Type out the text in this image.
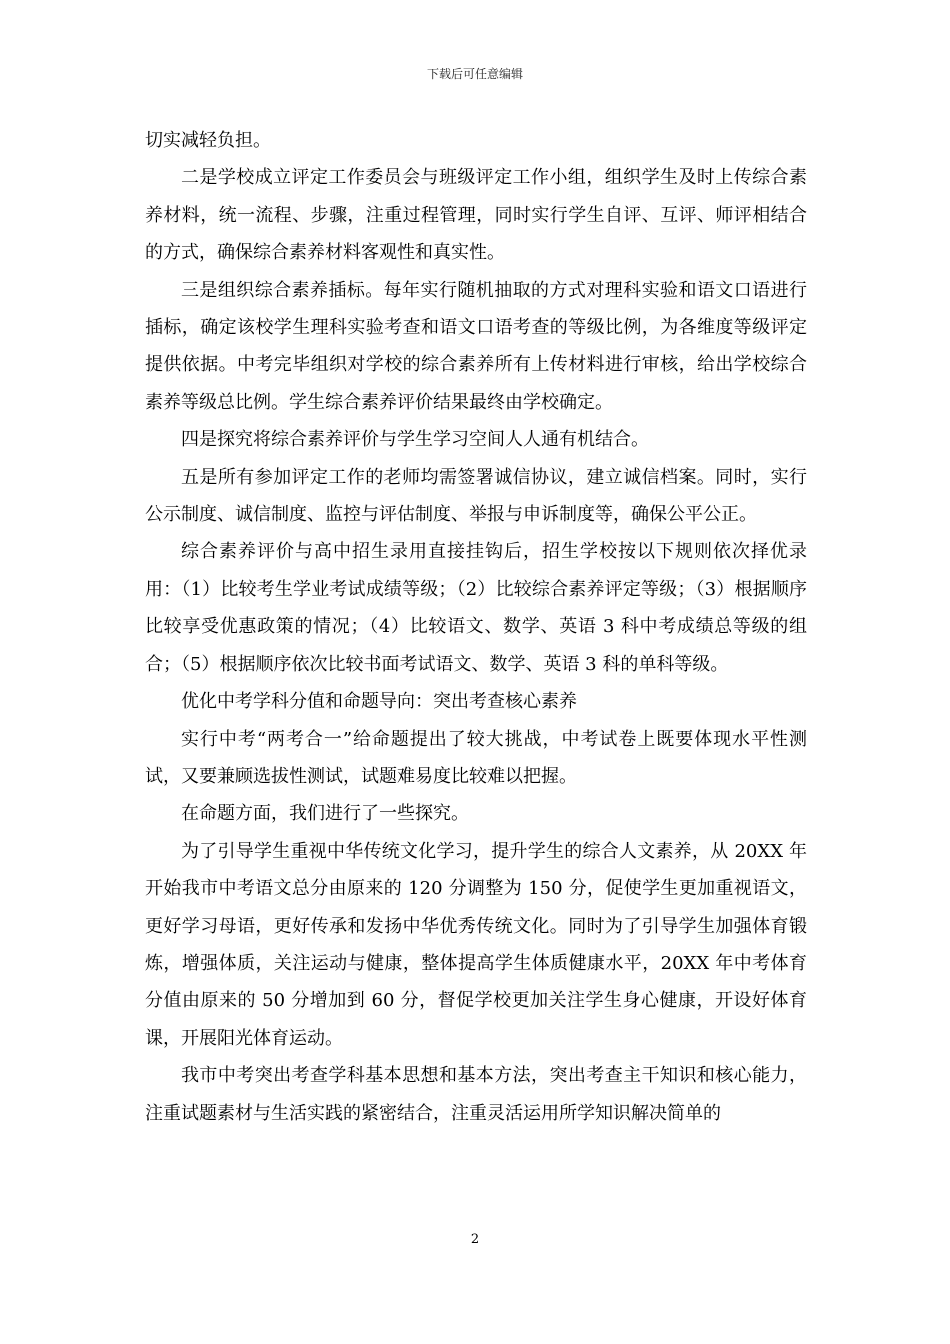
下载后可任意编辑

切实减轻负担。

二是学校成立评定工作委员会与班级评定工作小组，组织学生及时上传综合素养材料，统一流程、步骤，注重过程管理，同时实行学生自评、互评、师评相结合的方式，确保综合素养材料客观性和真实性。

三是组织综合素养插标。每年实行随机抽取的方式对理科实验和语文口语进行插标，确定该校学生理科实验考查和语文口语考查的等级比例，为各维度等级评定提供依据。中考完毕组织对学校的综合素养所有上传材料进行审核，给出学校综合素养等级总比例。学生综合素养评价结果最终由学校确定。

四是探究将综合素养评价与学生学习空间人人通有机结合。

五是所有参加评定工作的老师均需签署诚信协议，建立诚信档案。同时，实行公示制度、诚信制度、监控与评估制度、举报与申诉制度等，确保公平公正。

综合素养评价与高中招生录用直接挂钩后，招生学校按以下规则依次择优录用：（1）比较考生学业考试成绩等级；（2）比较综合素养评定等级；（3）根据顺序比较享受优惠政策的情况；（4）比较语文、数学、英语 3 科中考成绩总等级的组合；（5）根据顺序依次比较书面考试语文、数学、英语 3 科的单科等级。

优化中考学科分值和命题导向：突出考查核心素养

实行中考“两考合一”给命题提出了较大挑战，中考试卷上既要体现水平性测试，又要兼顾选拔性测试，试题难易度比较难以把握。

在命题方面，我们进行了一些探究。

为了引导学生重视中华传统文化学习，提升学生的综合人文素养，从 20XX 年开始我市中考语文总分由原来的 120 分调整为 150 分，促使学生更加重视语文，更好学习母语，更好传承和发扬中华优秀传统文化。同时为了引导学生加强体育锻炼，增强体质，关注运动与健康，整体提高学生体质健康水平，20XX 年中考体育分值由原来的 50 分增加到 60 分，督促学校更加关注学生身心健康，开设好体育课，开展阳光体育运动。

我市中考突出考查学科基本思想和基本方法，突出考查主干知识和核心能力，注重试题素材与生活实践的紧密结合，注重灵活运用所学知识解决简单的

2
